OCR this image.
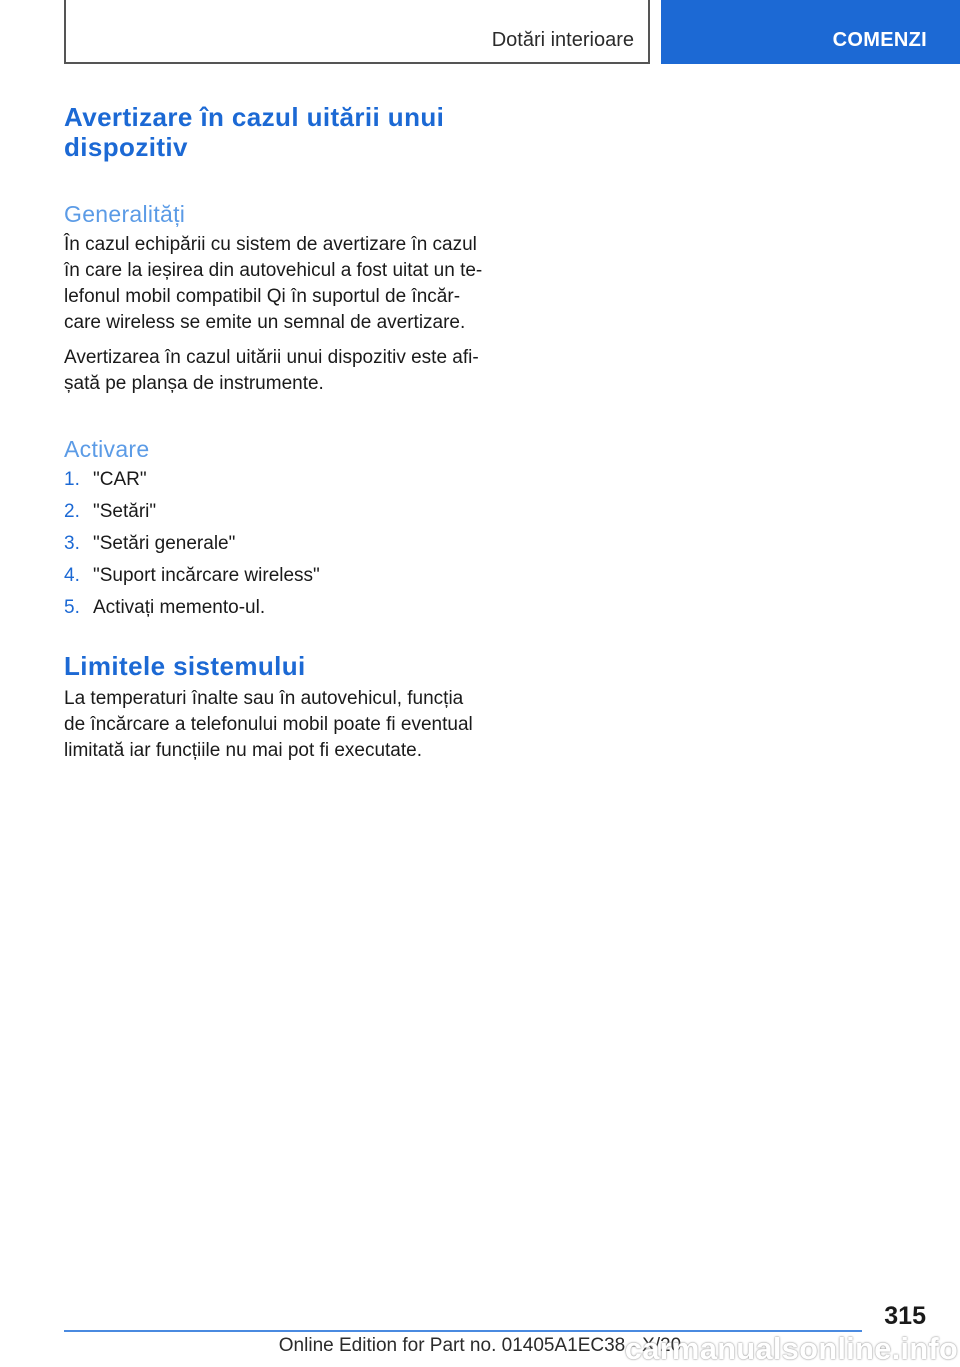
Dotări interioare	COMENZI
Avertizare în cazul uitării unui dispozitiv
Generalități

În cazul echipării cu sistem de avertizare în cazul în care la ieșirea din autovehicul a fost uitat un te-lefonul mobil compatibil Qi în suportul de încăr-care wireless se emite un semnal de avertizare.

Avertizarea în cazul uitării unui dispozitiv este afi-șată pe planșa de instrumente.

Activare
1. "CAR"
2. "Setări"
3. "Setări generale"
4. "Suport incărcare wireless"
5. Activați memento-ul.
Limitele sistemului

La temperaturi înalte sau în autovehicul, funcția de încărcare a telefonului mobil poate fi eventual limitată iar funcțiile nu mai pot fi executate.

315
Online Edition for Part no. 01405A1EC38 - X/20
carmanualsonline.info
